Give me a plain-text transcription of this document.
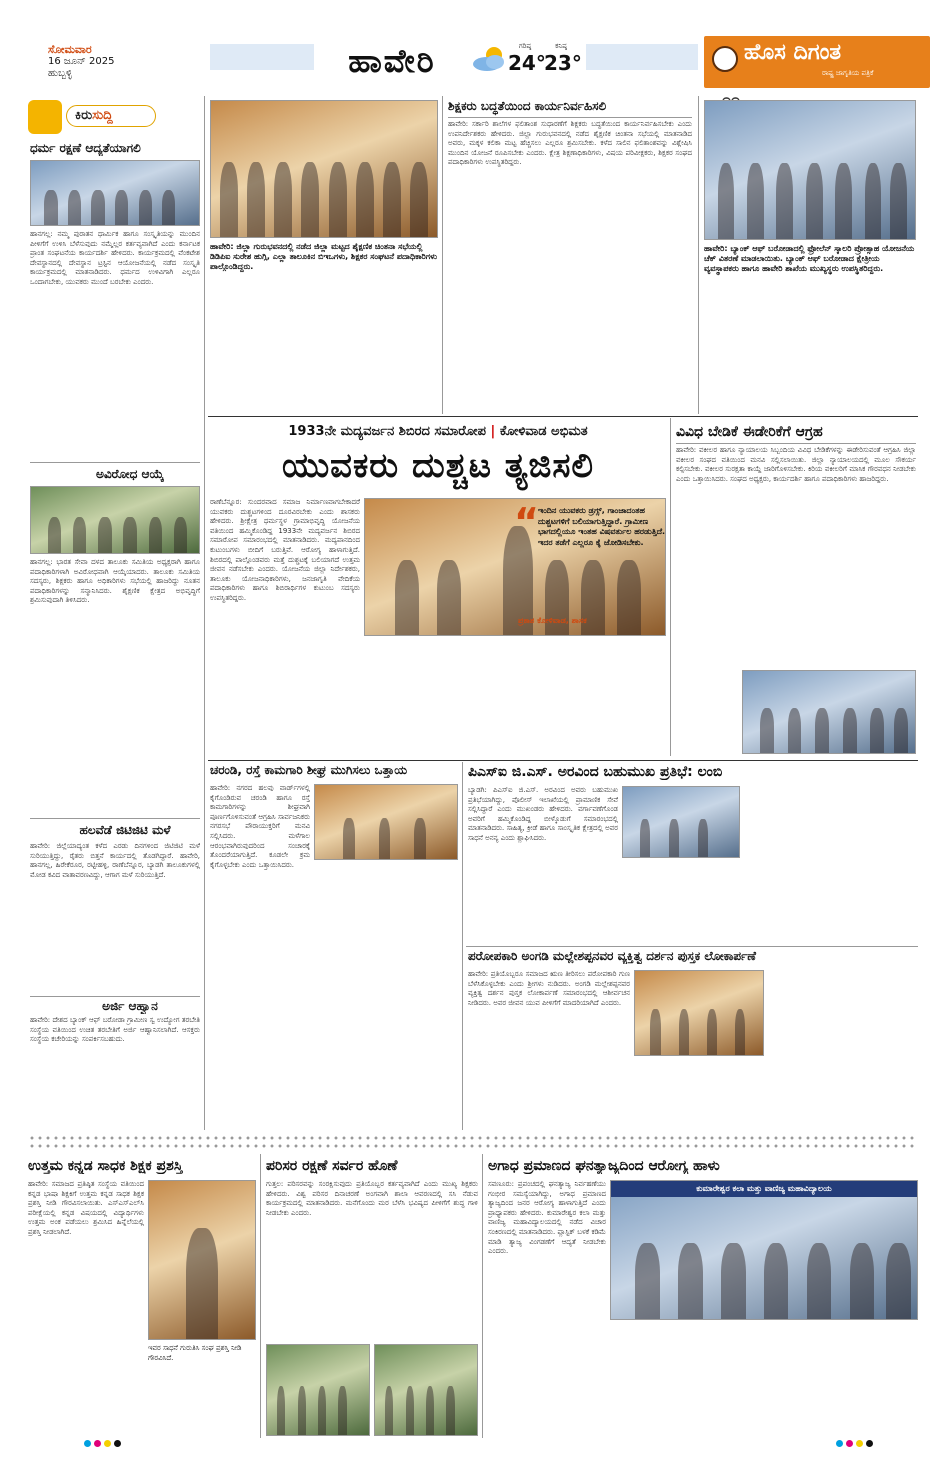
ಸೋಮವಾರ
16 ಜೂನ್ 2025
ಹುಬ್ಬಳ್ಳಿ	ಹಾವೇರಿ	ಗರಿಷ್ಠ
24°
ಕನಿಷ್ಠ
23°	ಹೊಸ ದಿಗಂತ
ರಾಷ್ಟ್ರ ಜಾಗೃತಿಯ ಪತ್ರಿಕೆ
ಕಿರುಸುದ್ದಿ
ಧರ್ಮ ರಕ್ಷಣೆ ಆದ್ಯತೆಯಾಗಲಿ
ಹಾನಗಲ್ಲ: ನಮ್ಮ ಪುರಾತನ ಧಾರ್ಮಿಕ ಹಾಗೂ ಸಂಸ್ಕೃತಿಯನ್ನು ಮುಂದಿನ ಪೀಳಿಗೆಗೆ ಉಳಿಸಿ ಬೆಳೆಸುವುದು ನಮ್ಮೆಲ್ಲರ ಕರ್ತವ್ಯವಾಗಿದೆ ಎಂದು ಕರ್ನಾಟಕ ಪ್ರಾಂತ ಸಂಘಟನೆಯ ಕಾರ್ಯದರ್ಶಿ ಹೇಳಿದರು. ಕಾರ್ಯಕ್ರಮದಲ್ಲಿ ವೆಂಕಟೇಶ ದೇವಸ್ಥಾನದಲ್ಲಿ ದೇವಸ್ಥಾನ ಟ್ರಸ್ಟಿನ ಆಯೋಜನೆಯಲ್ಲಿ ನಡೆದ ಸಂಸ್ಕೃತಿ ಕಾರ್ಯಕ್ರಮದಲ್ಲಿ ಮಾತನಾಡಿದರು. ಧರ್ಮದ ಉಳಿವಿಗಾಗಿ ಎಲ್ಲರೂ ಒಂದಾಗಬೇಕು, ಯುವಕರು ಮುಂದೆ ಬರಬೇಕು ಎಂದರು.
ಅವಿರೋಧ ಆಯ್ಕೆ
ಹಾನಗಲ್ಲ: ಭಾರತ ಸೇವಾ ದಳದ ತಾಲೂಕು ಸಮಿತಿಯ ಅಧ್ಯಕ್ಷರಾಗಿ ಹಾಗೂ ಪದಾಧಿಕಾರಿಗಳಾಗಿ ಅವಿರೋಧವಾಗಿ ಆಯ್ಕೆಯಾದರು. ತಾಲೂಕು ಸಮಿತಿಯ ಸದಸ್ಯರು, ಶಿಕ್ಷಕರು ಹಾಗೂ ಅಧಿಕಾರಿಗಳು ಸಭೆಯಲ್ಲಿ ಹಾಜರಿದ್ದು ನೂತನ ಪದಾಧಿಕಾರಿಗಳನ್ನು ಸನ್ಮಾನಿಸಿದರು. ಶೈಕ್ಷಣಿಕ ಕ್ಷೇತ್ರದ ಅಭಿವೃದ್ಧಿಗೆ ಶ್ರಮಿಸುವುದಾಗಿ ತಿಳಿಸಿದರು.
ಹಲವೆಡೆ ಜಿಟಿಜಿಟಿ ಮಳೆ
ಹಾವೇರಿ: ಜಿಲ್ಲೆಯಾದ್ಯಂತ ಕಳೆದ ಎರಡು ದಿನಗಳಿಂದ ಜಿಟಿಜಿಟಿ ಮಳೆ ಸುರಿಯುತ್ತಿದ್ದು, ರೈತರು ಬಿತ್ತನೆ ಕಾರ್ಯದಲ್ಲಿ ತೊಡಗಿದ್ದಾರೆ. ಹಾವೇರಿ, ಹಾನಗಲ್ಲ, ಹಿರೇಕೆರೂರ, ರಟ್ಟೀಹಳ್ಳಿ, ರಾಣೆಬೆನ್ನೂರ, ಬ್ಯಾಡಗಿ ತಾಲೂಕುಗಳಲ್ಲಿ ಮೋಡ ಕವಿದ ವಾತಾವರಣವಿದ್ದು, ಆಗಾಗ ಮಳೆ ಸುರಿಯುತ್ತಿದೆ.
ಅರ್ಜಿ ಆಹ್ವಾನ
ಹಾವೇರಿ: ದೇಶದ ಬ್ಯಾಂಕ್ ಆಫ್ ಬರೋಡಾ ಗ್ರಾಮೀಣ ಸ್ವ ಉದ್ಯೋಗ ತರಬೇತಿ ಸಂಸ್ಥೆಯ ವತಿಯಿಂದ ಉಚಿತ ತರಬೇತಿಗೆ ಅರ್ಜಿ ಆಹ್ವಾನಿಸಲಾಗಿದೆ. ಆಸಕ್ತರು ಸಂಸ್ಥೆಯ ಕಚೇರಿಯನ್ನು ಸಂಪರ್ಕಿಸಬಹುದು.
ಹಾವೇರಿ: ಜಿಲ್ಲಾ ಗುರುಭವನದಲ್ಲಿ ನಡೆದ ಜಿಲ್ಲಾ ಮಟ್ಟದ ಶೈಕ್ಷಣಿಕ ಚಿಂತನಾ ಸಭೆಯಲ್ಲಿ ಡಿಡಿಪಿಐ ಸುರೇಶ ಹುಗ್ಗಿ, ಎಲ್ಲಾ ತಾಲೂಕಿನ ಬಿಇಒಗಳು, ಶಿಕ್ಷಕರ ಸಂಘಟನೆ ಪದಾಧಿಕಾರಿಗಳು ಪಾಲ್ಗೊಂಡಿದ್ದರು.
ಶಿಕ್ಷಕರು ಬದ್ಧತೆಯಿಂದ ಕಾರ್ಯನಿರ್ವಹಿಸಲಿ
ಹಾವೇರಿ: ಸರ್ಕಾರಿ ಶಾಲೆಗಳ ಫಲಿತಾಂಶ ಸುಧಾರಣೆಗೆ ಶಿಕ್ಷಕರು ಬದ್ಧತೆಯಿಂದ ಕಾರ್ಯನಿರ್ವಹಿಸಬೇಕು ಎಂದು ಉಪನಿರ್ದೇಶಕರು ಹೇಳಿದರು. ಜಿಲ್ಲಾ ಗುರುಭವನದಲ್ಲಿ ನಡೆದ ಶೈಕ್ಷಣಿಕ ಚಿಂತನಾ ಸಭೆಯಲ್ಲಿ ಮಾತನಾಡಿದ ಅವರು, ಮಕ್ಕಳ ಕಲಿಕಾ ಮಟ್ಟ ಹೆಚ್ಚಿಸಲು ಎಲ್ಲರೂ ಶ್ರಮಿಸಬೇಕು. ಕಳೆದ ಸಾಲಿನ ಫಲಿತಾಂಶವನ್ನು ವಿಶ್ಲೇಷಿಸಿ ಮುಂದಿನ ಯೋಜನೆ ರೂಪಿಸಬೇಕು ಎಂದರು. ಕ್ಷೇತ್ರ ಶಿಕ್ಷಣಾಧಿಕಾರಿಗಳು, ವಿಷಯ ಪರಿವೀಕ್ಷಕರು, ಶಿಕ್ಷಕರ ಸಂಘದ ಪದಾಧಿಕಾರಿಗಳು ಉಪಸ್ಥಿತರಿದ್ದರು.
ಹಾವೇರಿ: ಬ್ಯಾಂಕ್ ಆಫ್ ಬರೋಡಾದಲ್ಲಿ ಫ್ರೋಲೆನ್ ಸ್ಕಾಲರಿ ಪ್ರೋತ್ಸಾಹ ಯೋಜನೆಯ ಚೆಕ್ ವಿತರಣೆ ಮಾಡಲಾಯಿತು. ಬ್ಯಾಂಕ್ ಆಫ್ ಬರೋಡಾದ ಕ್ಷೇತ್ರೀಯ ವ್ಯವಸ್ಥಾಪಕರು ಹಾಗೂ ಹಾವೇರಿ ಶಾಖೆಯ ಮುಖ್ಯಸ್ಥರು ಉಪಸ್ಥಿತರಿದ್ದರು.
1933ನೇ ಮದ್ಯವರ್ಜನ ಶಿಬಿರದ ಸಮಾರೋಪ | ಕೋಳಿವಾಡ ಅಭಿಮತ
ಯುವಕರು ದುಶ್ಚಟ ತ್ಯಜಿಸಲಿ
ರಾಣೆಬೆನ್ನೂರ: ಸುಂದರವಾದ ಸಮಾಜ ನಿರ್ಮಾಣವಾಗಬೇಕಾದರೆ ಯುವಕರು ದುಶ್ಚಟಗಳಿಂದ ದೂರವಿರಬೇಕು ಎಂದು ಶಾಸಕರು ಹೇಳಿದರು. ಶ್ರೀಕ್ಷೇತ್ರ ಧರ್ಮಸ್ಥಳ ಗ್ರಾಮಾಭಿವೃದ್ಧಿ ಯೋಜನೆಯ ವತಿಯಿಂದ ಹಮ್ಮಿಕೊಂಡಿದ್ದ 1933ನೇ ಮದ್ಯವರ್ಜನ ಶಿಬಿರದ ಸಮಾರೋಪ ಸಮಾರಂಭದಲ್ಲಿ ಮಾತನಾಡಿದರು. ಮದ್ಯಪಾನದಿಂದ ಕುಟುಂಬಗಳು ಬೀದಿಗೆ ಬರುತ್ತಿವೆ. ಆರೋಗ್ಯ ಹಾಳಾಗುತ್ತಿದೆ. ಶಿಬಿರದಲ್ಲಿ ಪಾಲ್ಗೊಂಡವರು ಮತ್ತೆ ದುಶ್ಚಟಕ್ಕೆ ಬಲಿಯಾಗದೆ ಉತ್ತಮ ಜೀವನ ನಡೆಸಬೇಕು ಎಂದರು. ಯೋಜನೆಯ ಜಿಲ್ಲಾ ನಿರ್ದೇಶಕರು, ತಾಲೂಕು ಯೋಜನಾಧಿಕಾರಿಗಳು, ಜನಜಾಗೃತಿ ವೇದಿಕೆಯ ಪದಾಧಿಕಾರಿಗಳು ಹಾಗೂ ಶಿಬಿರಾರ್ಥಿಗಳ ಕುಟುಂಬ ಸದಸ್ಯರು ಉಪಸ್ಥಿತರಿದ್ದರು.
“ ಇಂದಿನ ಯುವಕರು ಡ್ರಗ್ಸ್, ಗಾಂಜಾದಂತಹ ದುಶ್ಚಟಗಳಿಗೆ ಬಲಿಯಾಗುತ್ತಿದ್ದಾರೆ. ಗ್ರಾಮೀಣ ಭಾಗದಲ್ಲಿಯೂ ಇಂತಹ ವಿಷವರ್ತುಲ ಹರಡುತ್ತಿದೆ. ಇದರ ತಡೆಗೆ ಎಲ್ಲರೂ ಕೈ ಜೋಡಿಸಬೇಕು.
ಪ್ರಕಾಶ ಕೋಳಿವಾಡ, ಶಾಸಕ
ವಿವಿಧ ಬೇಡಿಕೆ ಈಡೇರಿಕೆಗೆ ಆಗ್ರಹ
ಹಾವೇರಿ: ವಕೀಲರ ಹಾಗೂ ನ್ಯಾಯಾಲಯ ಸಿಬ್ಬಂದಿಯ ವಿವಿಧ ಬೇಡಿಕೆಗಳನ್ನು ಈಡೇರಿಸುವಂತೆ ಆಗ್ರಹಿಸಿ ಜಿಲ್ಲಾ ವಕೀಲರ ಸಂಘದ ವತಿಯಿಂದ ಮನವಿ ಸಲ್ಲಿಸಲಾಯಿತು. ಜಿಲ್ಲಾ ನ್ಯಾಯಾಲಯದಲ್ಲಿ ಮೂಲ ಸೌಕರ್ಯ ಕಲ್ಪಿಸಬೇಕು. ವಕೀಲರ ಸುರಕ್ಷತಾ ಕಾಯ್ದೆ ಜಾರಿಗೊಳಿಸಬೇಕು. ಕಿರಿಯ ವಕೀಲರಿಗೆ ಮಾಸಿಕ ಗೌರವಧನ ನೀಡಬೇಕು ಎಂದು ಒತ್ತಾಯಿಸಿದರು. ಸಂಘದ ಅಧ್ಯಕ್ಷರು, ಕಾರ್ಯದರ್ಶಿ ಹಾಗೂ ಪದಾಧಿಕಾರಿಗಳು ಹಾಜರಿದ್ದರು.
ಚರಂಡಿ, ರಸ್ತೆ ಕಾಮಗಾರಿ ಶೀಘ್ರ ಮುಗಿಸಲು ಒತ್ತಾಯ
ಹಾವೇರಿ: ನಗರದ ಹಲವು ವಾರ್ಡ್‌ಗಳಲ್ಲಿ ಕೈಗೊಂಡಿರುವ ಚರಂಡಿ ಹಾಗೂ ರಸ್ತೆ ಕಾಮಗಾರಿಗಳನ್ನು ಶೀಘ್ರವಾಗಿ ಪೂರ್ಣಗೊಳಿಸುವಂತೆ ಆಗ್ರಹಿಸಿ ಸಾರ್ವಜನಿಕರು ನಗರಸಭೆ ಪೌರಾಯುಕ್ತರಿಗೆ ಮನವಿ ಸಲ್ಲಿಸಿದರು. ಮಳೆಗಾಲ ಆರಂಭವಾಗಿರುವುದರಿಂದ ಸಂಚಾರಕ್ಕೆ ತೊಂದರೆಯಾಗುತ್ತಿದೆ. ಕೂಡಲೇ ಕ್ರಮ ಕೈಗೊಳ್ಳಬೇಕು ಎಂದು ಒತ್ತಾಯಿಸಿದರು.
ಪಿಎಸ್ಐ ಜಿ.ಎಸ್. ಅರವಿಂದ ಬಹುಮುಖ ಪ್ರತಿಭೆ: ಲಂಬಿ
ಬ್ಯಾಡಗಿ: ಪಿಎಸ್ಐ ಜಿ.ಎಸ್. ಅರವಿಂದ ಅವರು ಬಹುಮುಖ ಪ್ರತಿಭೆಯಾಗಿದ್ದು, ಪೊಲೀಸ್ ಇಲಾಖೆಯಲ್ಲಿ ಪ್ರಾಮಾಣಿಕ ಸೇವೆ ಸಲ್ಲಿಸಿದ್ದಾರೆ ಎಂದು ಮುಖಂಡರು ಹೇಳಿದರು. ವರ್ಗಾವಣೆಗೊಂಡ ಅವರಿಗೆ ಹಮ್ಮಿಕೊಂಡಿದ್ದ ಬೀಳ್ಕೊಡುಗೆ ಸಮಾರಂಭದಲ್ಲಿ ಮಾತನಾಡಿದರು. ಸಾಹಿತ್ಯ, ಕ್ರೀಡೆ ಹಾಗೂ ಸಾಂಸ್ಕೃತಿಕ ಕ್ಷೇತ್ರದಲ್ಲಿ ಅವರ ಸಾಧನೆ ಅನನ್ಯ ಎಂದು ಶ್ಲಾಘಿಸಿದರು.
ಪರೋಪಕಾರಿ ಅಂಗಡಿ ಮಲ್ಲೇಶಪ್ಪನವರ ವ್ಯಕ್ತಿತ್ವ ದರ್ಶನ ಪುಸ್ತಕ ಲೋಕಾರ್ಪಣೆ
ಹಾವೇರಿ: ಪ್ರತಿಯೊಬ್ಬರೂ ಸಮಾಜದ ಋಣ ತೀರಿಸಲು ಪರೋಪಕಾರಿ ಗುಣ ಬೆಳೆಸಿಕೊಳ್ಳಬೇಕು ಎಂದು ಶ್ರೀಗಳು ನುಡಿದರು. ಅಂಗಡಿ ಮಲ್ಲೇಶಪ್ಪನವರ ವ್ಯಕ್ತಿತ್ವ ದರ್ಶನ ಪುಸ್ತಕ ಲೋಕಾರ್ಪಣೆ ಸಮಾರಂಭದಲ್ಲಿ ಆಶೀರ್ವಚನ ನೀಡಿದರು. ಅವರ ಜೀವನ ಯುವ ಪೀಳಿಗೆಗೆ ಮಾದರಿಯಾಗಿದೆ ಎಂದರು.
ಉತ್ತಮ ಕನ್ನಡ ಸಾಧಕ ಶಿಕ್ಷಕ ಪ್ರಶಸ್ತಿ
ಹಾವೇರಿ: ಸಮಾಜದ ಪ್ರತಿಷ್ಠಿತ ಸಂಸ್ಥೆಯ ವತಿಯಿಂದ ಕನ್ನಡ ಭಾಷಾ ಶಿಕ್ಷಕಿಗೆ ಉತ್ತಮ ಕನ್ನಡ ಸಾಧಕ ಶಿಕ್ಷಕ ಪ್ರಶಸ್ತಿ ನೀಡಿ ಗೌರವಿಸಲಾಯಿತು. ಎಸ್ಎಸ್ಎಲ್‌ಸಿ ಪರೀಕ್ಷೆಯಲ್ಲಿ ಕನ್ನಡ ವಿಷಯದಲ್ಲಿ ವಿದ್ಯಾರ್ಥಿಗಳು ಉತ್ತಮ ಅಂಕ ಪಡೆಯಲು ಶ್ರಮಿಸಿದ ಹಿನ್ನೆಲೆಯಲ್ಲಿ ಪ್ರಶಸ್ತಿ ನೀಡಲಾಗಿದೆ.
ಇವರ ಸಾಧನೆ ಗುರುತಿಸಿ ಸಂಘ ಪ್ರಶಸ್ತಿ ನೀಡಿ ಗೌರವಿಸಿದೆ.
ಪರಿಸರ ರಕ್ಷಣೆ ಸರ್ವರ ಹೊಣೆ
ಗುತ್ತಲ: ಪರಿಸರವನ್ನು ಸಂರಕ್ಷಿಸುವುದು ಪ್ರತಿಯೊಬ್ಬರ ಕರ್ತವ್ಯವಾಗಿದೆ ಎಂದು ಮುಖ್ಯ ಶಿಕ್ಷಕರು ಹೇಳಿದರು. ವಿಶ್ವ ಪರಿಸರ ದಿನಾಚರಣೆ ಅಂಗವಾಗಿ ಶಾಲಾ ಆವರಣದಲ್ಲಿ ಸಸಿ ನೆಡುವ ಕಾರ್ಯಕ್ರಮದಲ್ಲಿ ಮಾತನಾಡಿದರು. ಮನೆಗೊಂದು ಮರ ಬೆಳೆಸಿ ಭವಿಷ್ಯದ ಪೀಳಿಗೆಗೆ ಶುದ್ಧ ಗಾಳಿ ನೀಡಬೇಕು ಎಂದರು.
ಅಗಾಧ ಪ್ರಮಾಣದ ಘನತ್ಯಾಜ್ಯದಿಂದ ಆರೋಗ್ಯ ಹಾಳು
ಸವಣೂರು: ಪ್ರಪಂಚದಲ್ಲಿ ಘನತ್ಯಾಜ್ಯ ನಿರ್ವಹಣೆಯು ಗಂಭೀರ ಸಮಸ್ಯೆಯಾಗಿದ್ದು, ಅಗಾಧ ಪ್ರಮಾಣದ ತ್ಯಾಜ್ಯದಿಂದ ಜನರ ಆರೋಗ್ಯ ಹಾಳಾಗುತ್ತಿದೆ ಎಂದು ಪ್ರಾಧ್ಯಾಪಕರು ಹೇಳಿದರು. ಕುಮಾರೇಶ್ವರ ಕಲಾ ಮತ್ತು ವಾಣಿಜ್ಯ ಮಹಾವಿದ್ಯಾಲಯದಲ್ಲಿ ನಡೆದ ವಿಚಾರ ಸಂಕಿರಣದಲ್ಲಿ ಮಾತನಾಡಿದರು. ಪ್ಲಾಸ್ಟಿಕ್ ಬಳಕೆ ಕಡಿಮೆ ಮಾಡಿ ತ್ಯಾಜ್ಯ ವಿಂಗಡಣೆಗೆ ಆದ್ಯತೆ ನೀಡಬೇಕು ಎಂದರು.
ಕುಮಾರೇಶ್ವರ ಕಲಾ ಮತ್ತು ವಾಣಿಜ್ಯ ಮಹಾವಿದ್ಯಾಲಯ
